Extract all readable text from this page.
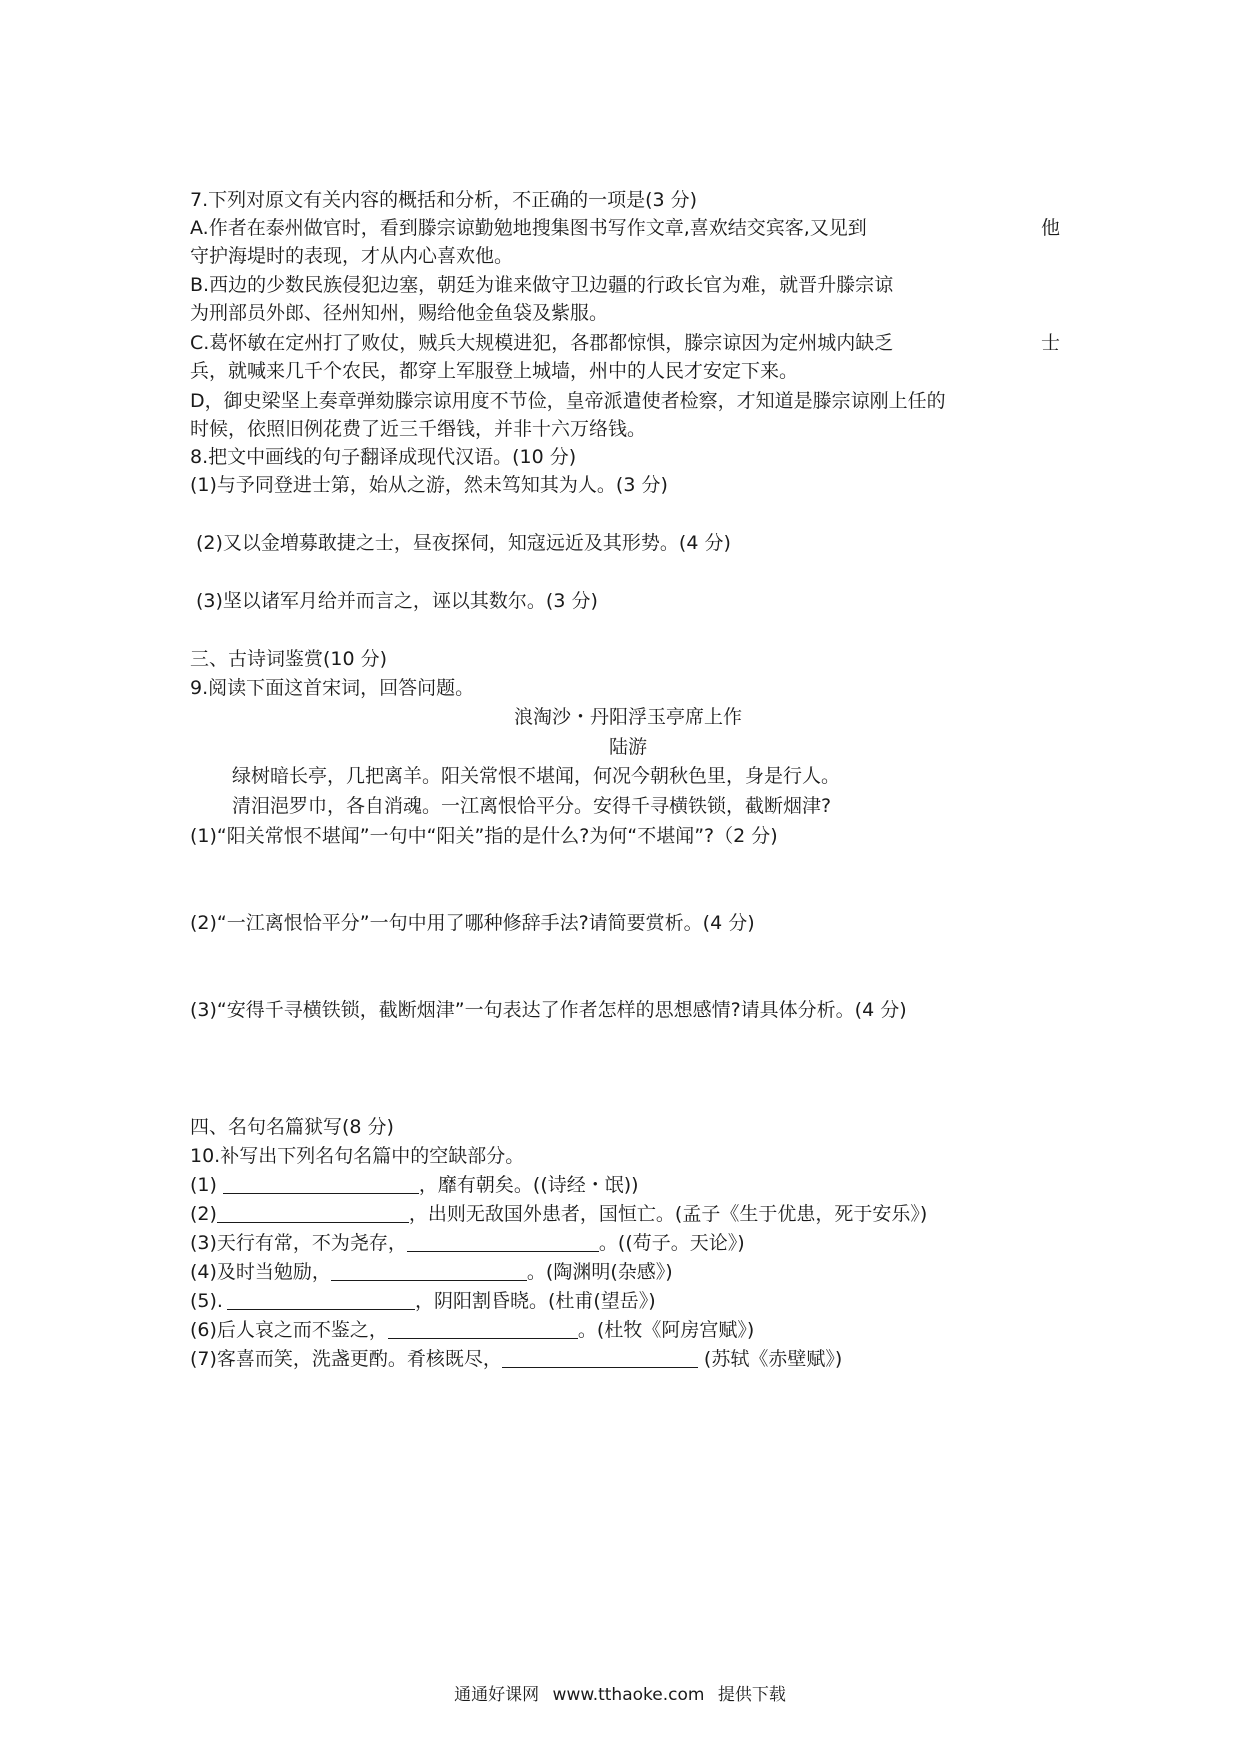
7.下列对原文有关内容的概括和分析，不正确的一项是(3 分)
A.作者在泰州做官时，看到滕宗谅勤勉地搜集图书写作文章,喜欢结交宾客,又见到	他
守护海堤时的表现，才从内心喜欢他。
B.西边的少数民族侵犯边塞，朝廷为谁来做守卫边疆的行政长官为难，就晋升滕宗谅
为刑部员外郎、径州知州，赐给他金鱼袋及紫服。
C.葛怀敏在定州打了败仗，贼兵大规模进犯，各郡都惊惧，滕宗谅因为定州城内缺乏	士
兵，就喊来几千个农民，都穿上军服登上城墙，州中的人民才安定下来。
D，御史梁坚上奏章弹劾滕宗谅用度不节俭，皇帝派遣使者检察，才知道是滕宗谅刚上任的
时候，依照旧例花费了近三千缗钱，并非十六万络钱。
8.把文中画线的句子翻译成现代汉语。(10 分)
(1)与予同登进士第，始从之游，然未笃知其为人。(3 分)
(2)又以金増募敢捷之士，昼夜探伺，知寇远近及其形势。(4 分)
(3)坚以诸军月给并而言之，诬以其数尔。(3 分)
三、古诗词鉴赏(10 分)
9.阅读下面这首宋词，回答问题。
浪淘沙・丹阳浮玉亭席上作
陆游
绿树暗长亭，几把离羊。阳关常恨不堪闻，何况今朝秋色里，身是行人。
清泪浥罗巾，各自消魂。一江离恨恰平分。安得千寻横铁锁，截断烟津?
(1)“阳关常恨不堪闻”一句中“阳关”指的是什么?为何“不堪闻”?（2 分)
(2)“一江离恨恰平分”一句中用了哪种修辞手法?请简要赏析。(4 分)
(3)“安得千寻横铁锁，截断烟津”一句表达了作者怎样的思想感情?请具体分析。(4 分)
四、名句名篇狱写(8 分)
10.补写出下列名句名篇中的空缺部分。
(1)	，靡有朝矣。((诗经・氓))
(2)	，出则无敌国外患者，国恒亡。(孟子《生于优患，死于安乐》)
(3)天行有常，不为尧存，	。((苟子。天论》)
(4)及时当勉励，	。(陶渊明(杂感》)
(5).	，阴阳割昏晓。(杜甫(望岳》)
(6)后人哀之而不鉴之，	。(杜牧《阿房宫赋》)
(7)客喜而笑，洗盏更酌。肴核既尽，	(苏轼《赤壁赋》)
通通好课网 www.tthaoke.com 提供下载
